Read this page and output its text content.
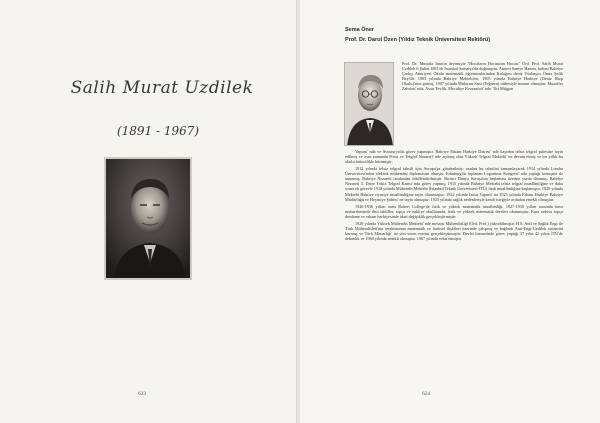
Salih Murat Uzdilek
(1891 - 1967)
623
Sema Öner
Prof. Dr. Darul Özen (Yıldız Teknik Üniversitesi Rektörü)
Prof. Dr. Mustafa İnan'ın deyimiyle "Hocaların Hocasının Hocası" Ord. Prof. Salih Murat Uzdilek 6 Şubat 1891'de İstanbul Samatya'da doğmuştur. Annesi Saniye Hanım, babası Bahriye Çarkçı Amiriyesi Okulu matematik öğretmenlerinden Kolağası deniz Yüzbaşısı Ömer Şefik Bey'dir. 1903 yılında Bahriye Mektebi'ne, 1905 yılında Bahriye Harbiye (Deniz Harp Okulu)'sine girmiş, 1907 yılında Mülazım Sani (Teğmen) rütbesiyle mezun olmuştur. Muzaffer Zabıtası' nda, Asarı Tevfik, Mecidiye Kruvazörü' nde, Tiri Müjgan

Vapuru' nda ve Avusturya'da görev yapmıştır. Bahriye Erkanı Harbiye Dairesi' nde kaşeden telsiz telgraf şubesine tayin edilmiş ve aynı zamanda Posta ve Telgraf Nezareti' nde açılmış olan Yüksek Telgraf Mektebi' ne devam etmiş ve bir yıllık bu okulu birincilikle bitirmiştir.

1912 yılında telsiz telgraf tahsili için Avrupa'ya gönderilmiş; oradan bu tahsilini tamamlayarak 1914 yılında Londra Üniversitesi'nden elektrik mühendisi diplomasını almıştır. Edinburg'da toplanan Logaritma Kongresi' nde yaptığı konuşma ile tanınmış, Bahriye Nezareti tarafından ödüllendirilmiştir. Birinci Dünya Savaşı'nın başlaması üzerine yurda dönmüş; Bahriye Nezareti 3. Daire Telsiz Telgraf Kısmı' nda görev yapmış; 1915 yılında Bahriye Mektebi telsiz telgraf muallimliğine ve daha sonra ek görevle 1918 yılında Mühendis Mektebi (İstanbul Teknik Üniversitesi-İTÜ) fizik muallimliğine başlamıştır. 1920 yılında Mektebi Bahriye riyaziye muallimliğine tayin olunmuştur. 1922 yılında İzmir Vapuru' na 1923 yılında Erkanı Harbiye Bahriye Müdürlüğü ve Hoyiniye Şubesi' ne tayin olmuştur. 1925 yılında sağlık nedenleriyle kendi isteğiyle ordudan emekli olmuştur.

1926-1936 yılları arası Robert College'de fizik ve yüksek matematik muallimliği, 1927-1930 yılları arasında hava muharebesinde ilmi tahliller, topçu ve nakliye okullarında, fizik ve yüksek matematik dersleri okutmuştur. Kara ordusu topçu dershane ve erkanı harbiyesinde idari değişiklik gerçekleştirmiştir.

1929 yılında Yüksek Mühendis Mektebi' nde mesaisi Mühendisliği (Ord. Prof.) yükseltilmiştir. H.S. Anil ve Sağlık Engi ile Türk Mühendisleri'nin teraküzunun matematik ve fiziksel ilişkileri üzerinde çalışmış ve bağlantı Anıl-Engi-Uzdilek sistemini kurmuş ve Türk Mimarlığı' ne yön veren eserini gerçekleştirmiştir. Devlet hizmetinde görev yaptığı 37 yılın 42 yılını İTÜ'de dekanlık ve 1960 yılında emekli olmuştur. 1967 yılında vefat etmiştir.

624
